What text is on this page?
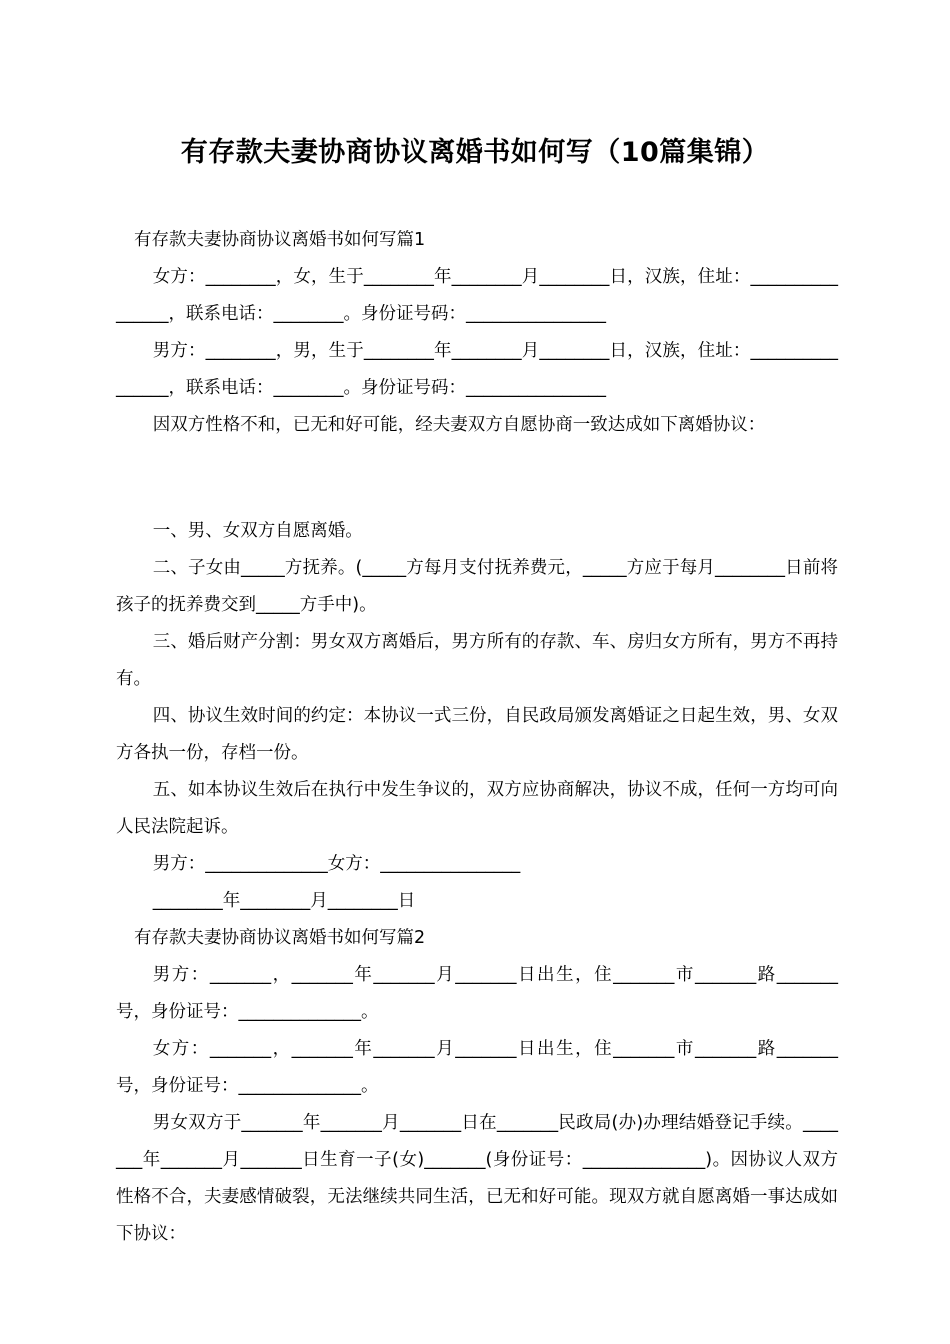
有存款夫妻协商协议离婚书如何写（10篇集锦）

有存款夫妻协商协议离婚书如何写篇1

女方：________，女，生于________年________月________日，汉族，住址：________________，联系电话：________。身份证号码：________________

男方：________，男，生于________年________月________日，汉族，住址：________________，联系电话：________。身份证号码：________________

因双方性格不和，已无和好可能，经夫妻双方自愿协商一致达成如下离婚协议：

一、男、女双方自愿离婚。

二、子女由_____方抚养。(_____方每月支付抚养费元，_____方应于每月________日前将孩子的抚养费交到_____方手中)。

三、婚后财产分割：男女双方离婚后，男方所有的存款、车、房归女方所有，男方不再持有。

四、协议生效时间的约定：本协议一式三份，自民政局颁发离婚证之日起生效，男、女双方各执一份，存档一份。

五、如本协议生效后在执行中发生争议的，双方应协商解决，协议不成，任何一方均可向人民法院起诉。

男方：______________女方：________________

________年________月________日

有存款夫妻协商协议离婚书如何写篇2

男方：_______，_______年_______月_______日出生，住_______市_______路_______号，身份证号：______________。

女方：_______，_______年_______月_______日出生，住_______市_______路_______号，身份证号：______________。

男女双方于_______年_______月_______日在_______民政局(办)办理结婚登记手续。_______年_______月_______日生育一子(女)_______(身份证号：______________)。因协议人双方性格不合，夫妻感情破裂，无法继续共同生活，已无和好可能。现双方就自愿离婚一事达成如下协议：
